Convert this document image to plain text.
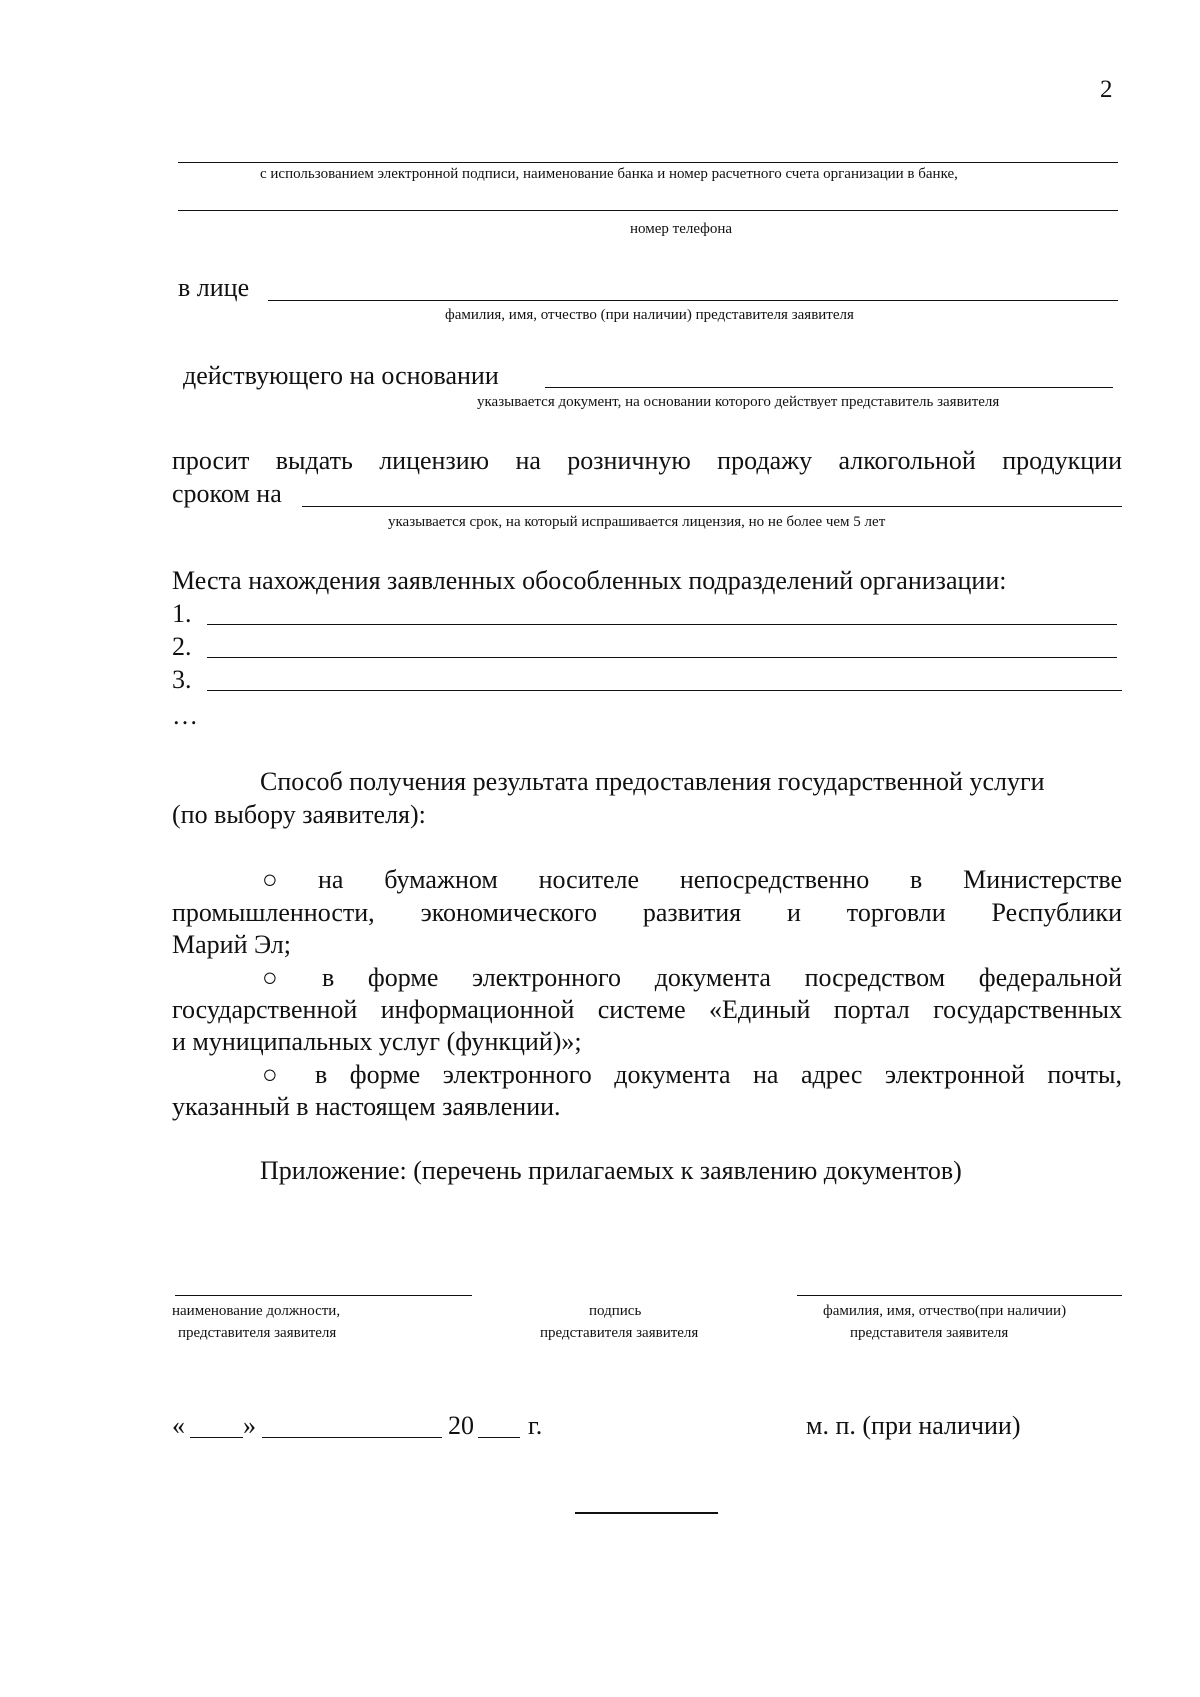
2
с использованием электронной подписи, наименование банка и номер расчетного счета организации в банке,
номер телефона
в лице
фамилия, имя, отчество (при наличии) представителя заявителя
действующего на основании
указывается документ, на основании которого действует представитель заявителя
просит выдать лицензию на розничную продажу алкогольной продукции
сроком на
указывается срок, на который испрашивается лицензия, но не более чем 5 лет
Места нахождения заявленных обособленных подразделений организации:
1.
2.
3.
…
Способ получения результата предоставления государственной услуги
(по выбору заявителя):
○ на бумажном носителе непосредственно в Министерстве
промышленности, экономического развития и торговли Республики
Марий Эл;
○ в форме электронного документа посредством федеральной
государственной информационной системе «Единый портал государственных
и муниципальных услуг (функций)»;
○ в форме электронного документа на адрес электронной почты,
указанный в настоящем заявлении.
Приложение: (перечень прилагаемых к заявлению документов)
наименование должности,
представителя заявителя
подпись
представителя заявителя
фамилия, имя, отчество(при наличии)
представителя заявителя
« »	20 г.	м. п. (при наличии)
